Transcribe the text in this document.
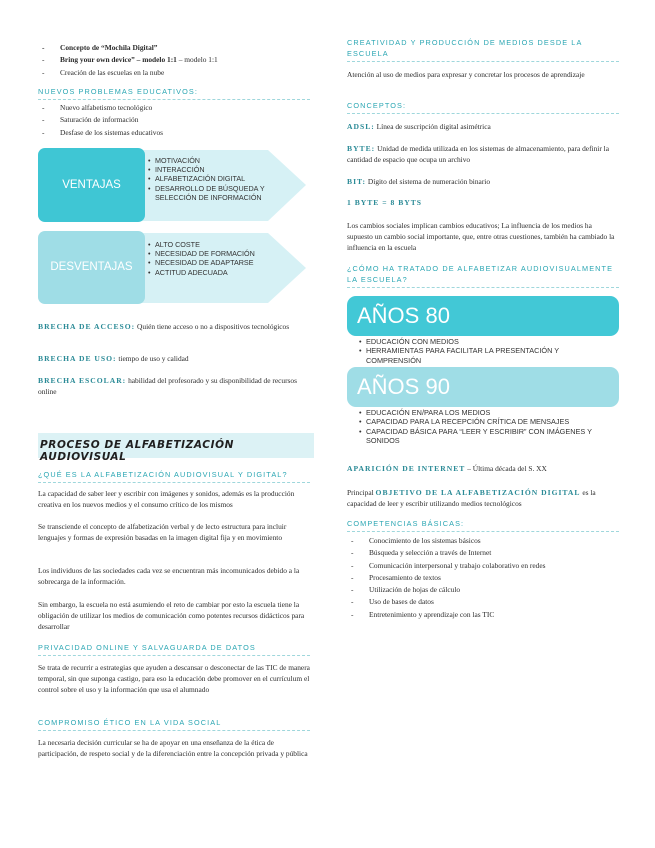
- Concepto de “Mochila Digital”

- Bring your own device” – modelo 1:1 – modelo 1:1

- Creación de las escuelas en la nube

NUEVOS PROBLEMAS EDUCATIVOS:

- Nuevo alfabetismo tecnológico

- Saturación de información

- Desfase de los sistemas educativos

VENTAJAS
• MOTIVACIÓN
• INTERACCIÓN
• ALFABETIZACIÓN DIGITAL
• DESARROLLO DE BÚSQUEDA Y SELECCIÓN DE INFORMACIÓN
DESVENTAJAS
• ALTO COSTE
• NECESIDAD DE FORMACIÓN
• NECESIDAD DE ADAPTARSE
• ACTITUD ADECUADA

BRECHA DE ACCESO: Quién tiene acceso o no a dispositivos tecnológicos

BRECHA DE USO: tiempo de uso y calidad

BRECHA ESCOLAR: habilidad del profesorado y su disponibilidad de recursos online

PROCESO DE ALFABETIZACIÓN AUDIOVISUAL

¿QUÉ ES LA ALFABETIZACIÓN AUDIOVISUAL Y DIGITAL?

La capacidad de saber leer y escribir con imágenes y sonidos, además es la producción creativa en los nuevos medios y el consumo crítico de los mismos

Se transciende el concepto de alfabetización verbal y de lecto estructura para incluir lenguajes y formas de expresión basadas en la imagen digital fija y en movimiento

Los individuos de las sociedades cada vez se encuentran más incomunicados debido a la sobrecarga de la información.

Sin embargo, la escuela no está asumiendo el reto de cambiar por esto la escuela tiene la obligación de utilizar los medios de comunicación como potentes recursos didácticos para desarrollar

PRIVACIDAD ONLINE Y SALVAGUARDA DE DATOS

Se trata de recurrir a estrategias que ayuden a descansar o desconectar de las TIC de manera temporal, sin que suponga castigo, para eso la educación debe promover en el currículum el control sobre el uso y la información que usa el alumnado

COMPROMISO ÉTICO EN LA VIDA SOCIAL

La necesaria decisión curricular se ha de apoyar en una enseñanza de la ética de participación, de respeto social y de la diferenciación entre la concepción privada y pública

CREATIVIDAD Y PRODUCCIÓN DE MEDIOS DESDE LA ESCUELA

Atención al uso de medios para expresar y concretar los procesos de aprendizaje

CONCEPTOS:

ADSL: Línea de suscripción digital asimétrica

BYTE: Unidad de medida utilizada en los sistemas de almacenamiento, para definir la cantidad de espacio que ocupa un archivo

BIT: Dígito del sistema de numeración binario

1 BYTE = 8 BYTS

Los cambios sociales implican cambios educativos; La influencia de los medios ha supuesto un cambio social importante, que, entre otras cuestiones, también ha cambiado la influencia en la escuela

¿CÓMO HA TRATADO DE ALFABETIZAR AUDIOVISUALMENTE LA ESCUELA?

AÑOS 80
• EDUCACIÓN CON MEDIOS
• HERRAMIENTAS PARA FACILITAR LA PRESENTACIÓN Y COMPRENSIÓN
AÑOS 90
• EDUCACIÓN EN/PARA LOS MEDIOS
• CAPACIDAD PARA LA RECEPCIÓN CRÍTICA DE MENSAJES
• CAPACIDAD BÁSICA PARA “LEER Y ESCRIBIR” CON IMÁGENES Y SONIDOS

APARICIÓN DE INTERNET – Última década del S. XX

Principal OBJETIVO DE LA ALFABETIZACIÓN DIGITAL es la capacidad de leer y escribir utilizando medios tecnológicos

COMPETENCIAS BÁSICAS:

- Conocimiento de los sistemas básicos

- Búsqueda y selección a través de Internet

- Comunicación interpersonal y trabajo colaborativo en redes

- Procesamiento de textos

- Utilización de hojas de cálculo

- Uso de bases de datos

- Entretenimiento y aprendizaje con las TIC
